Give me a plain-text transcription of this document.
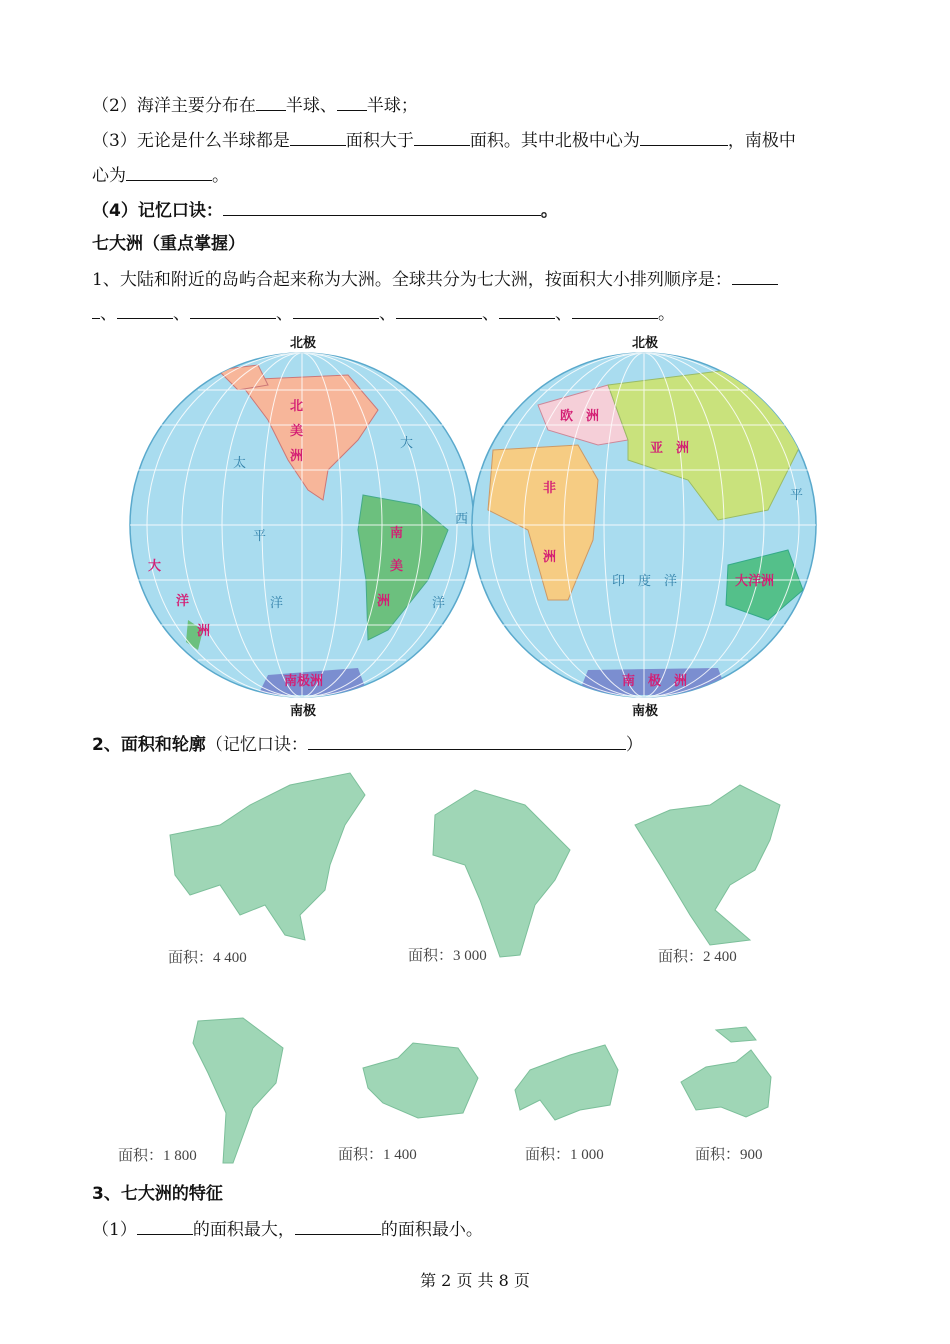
（2）海洋主要分布在 半球、 半球；
（3）无论是什么半球都是	面积大于	面积。其中北极中心为	，南极中
心为	。
（4）记忆口诀：	。
七大洲（重点掌握）
1、大陆和附近的岛屿合起来称为大洲。全球共分为七大洲，按面积大小排列顺序是：
、	、	、	、	、	、	。
北极	北极
北
美
洲
南
美
洲
大
洋
洲
太
平
洋
大
西
洋
南极洲
欧　洲
亚　洲
非
洲
大洋洲
印　度　洋
平
南　极　洲
南极	南极
2、面积和轮廓（记忆口诀：	）
面积：4 400	面积：3 000	面积：2 400
面积：1 800	面积：1 400	面积：1 000	面积：900
3、七大洲的特征
（1）	的面积最大，	的面积最小。
第 2 页 共 8 页
